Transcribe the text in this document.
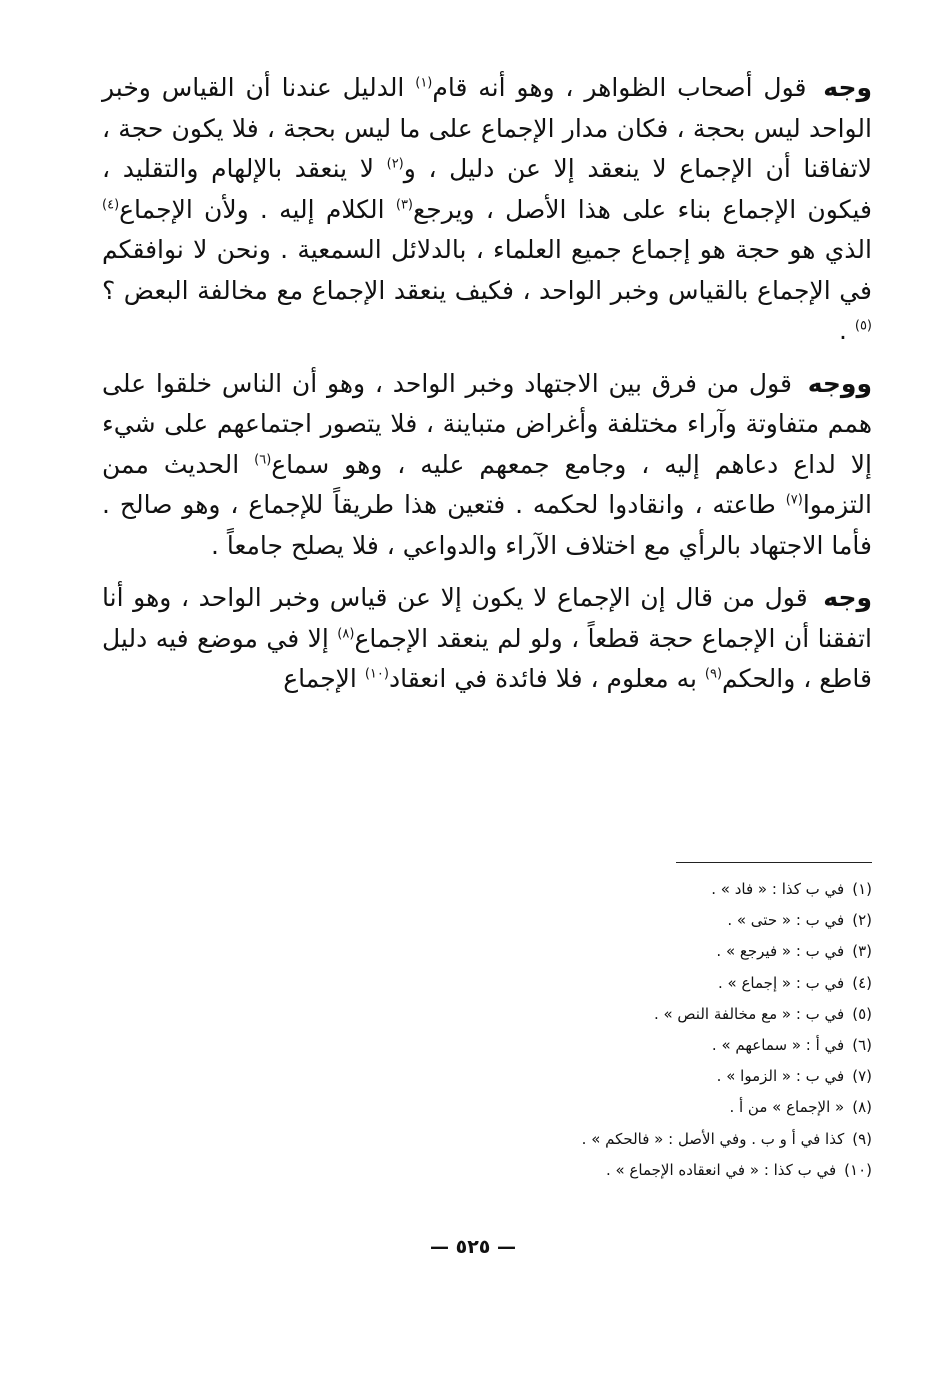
وجه قول أصحاب الظواهر ، وهو أنه قام$^{(١)}$ الدليل عندنا أن القياس وخبر الواحد ليس بحجة ، فكان مدار الإجماع على ما ليس بحجة ، فلا يكون حجة ، لاتفاقنا أن الإجماع لا ينعقد إلا عن دليل ، و$^{(٢)}$ لا ينعقد بالإلهام والتقليد ، فيكون الإجماع بناء على هذا الأصل ، ويرجع$^{(٣)}$ الكلام إليه . ولأن الإجماع$^{(٤)}$ الذي هو حجة هو إجماع جميع العلماء ، بالدلائل السمعية . ونحن لا نوافقكم في الإجماع بالقياس وخبر الواحد ، فكيف ينعقد الإجماع مع مخالفة البعض ؟$^{(٥)}$ .

ووجه قول من فرق بين الاجتهاد وخبر الواحد ، وهو أن الناس خلقوا على همم متفاوتة وآراء مختلفة وأغراض متباينة ، فلا يتصور اجتماعهم على شيء إلا لداع دعاهم إليه ، وجامع جمعهم عليه ، وهو سماع$^{(٦)}$ الحديث ممن التزموا$^{(٧)}$ طاعته ، وانقادوا لحكمه . فتعين هذا طريقاً للإجماع ، وهو صالح . فأما الاجتهاد بالرأي مع اختلاف الآراء والدواعي ، فلا يصلح جامعاً .

وجه قول من قال إن الإجماع لا يكون إلا عن قياس وخبر الواحد ، وهو أنا اتفقنا أن الإجماع حجة قطعاً ، ولو لم ينعقد الإجماع$^{(٨)}$ إلا في موضع فيه دليل قاطع ، والحكم$^{(٩)}$ به معلوم ، فلا فائدة في انعقاد$^{(١٠)}$ الإجماع

(١)في ب كذا : « فاد » .
(٢)في ب : « حتى » .
(٣)في ب : « فيرجع » .
(٤)في ب : « إجماع » .
(٥)في ب : « مع مخالفة النص » .
(٦)في أ : « سماعهم » .
(٧)في ب : « الزموا » .
(٨)« الإجماع » من أ .
(٩)كذا في أ و ب . وفي الأصل : « فالحكم » .
(١٠)في ب كذا : « في انعقاده الإجماع » .
— ٥٢٥ —
